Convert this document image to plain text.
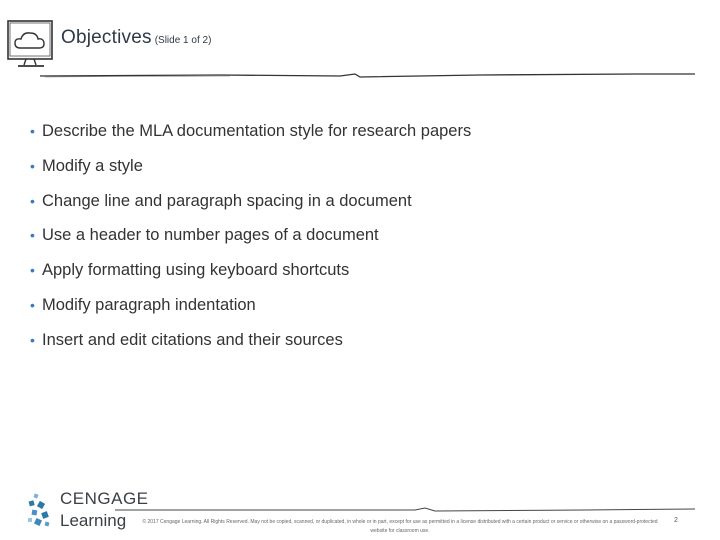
Objectives (Slide 1 of 2)
• Describe the MLA documentation style for research papers
• Modify a style
• Change line and paragraph spacing in a document
• Use a header to number pages of a document
• Apply formatting using keyboard shortcuts
• Modify paragraph indentation
• Insert and edit citations and their sources
CENGAGE
Learning	© 2017 Cengage Learning. All Rights Reserved. May not be copied, scanned, or duplicated, in whole or in part, except for use as permitted in a license distributed with a certain product or service or otherwise on a password-protected website for classroom use.
2
